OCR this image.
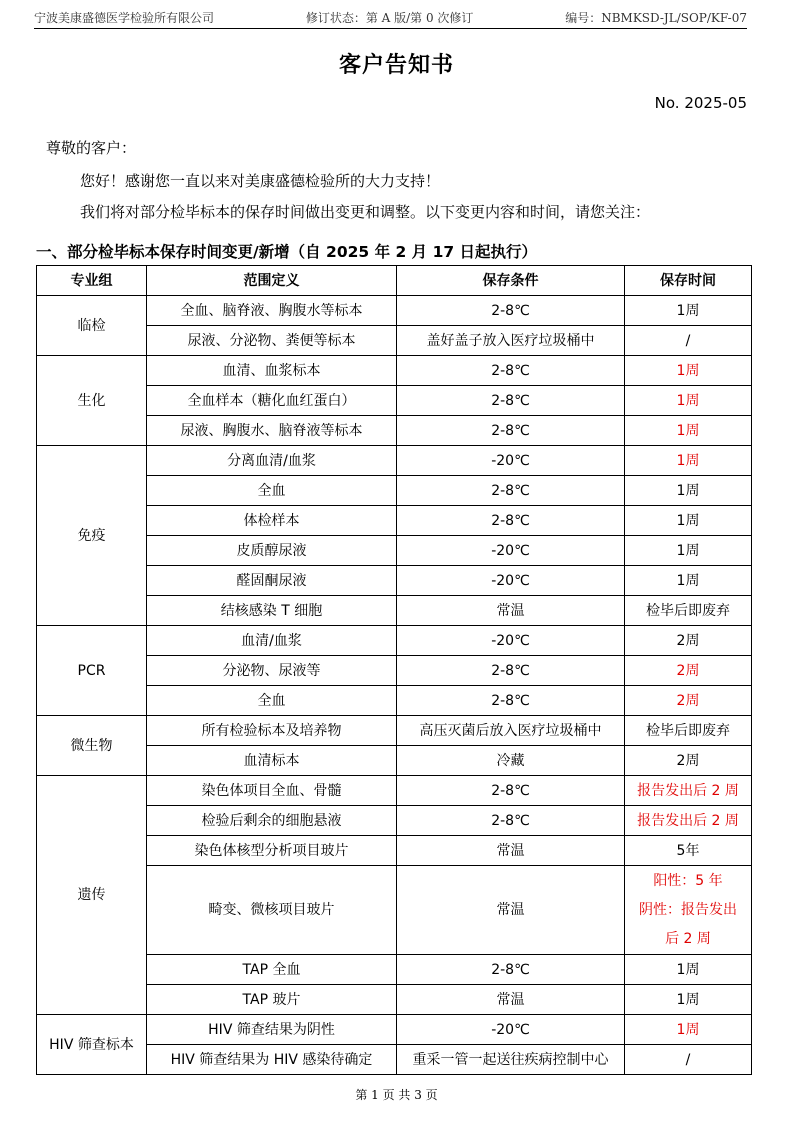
宁波美康盛德医学检验所有限公司	修订状态：第 A 版/第 0 次修订	编号：NBMKSD-JL/SOP/KF-07
客户告知书
No. 2025-05
尊敬的客户：
您好！感谢您一直以来对美康盛德检验所的大力支持！
我们将对部分检毕标本的保存时间做出变更和调整。以下变更内容和时间，请您关注：
一、部分检毕标本保存时间变更/新增（自 2025 年 2 月 17 日起执行）
专业组	范围定义	保存条件	保存时间
临检	全血、脑脊液、胸腹水等标本	2-8℃	1周
	尿液、分泌物、粪便等标本	盖好盖子放入医疗垃圾桶中	/
生化	血清、血浆标本	2-8℃	1周
	全血样本（糖化血红蛋白）	2-8℃	1周
	尿液、胸腹水、脑脊液等标本	2-8℃	1周
免疫	分离血清/血浆	-20℃	1周
	全血	2-8℃	1周
	体检样本	2-8℃	1周
	皮质醇尿液	-20℃	1周
	醛固酮尿液	-20℃	1周
	结核感染 T 细胞	常温	检毕后即废弃
PCR	血清/血浆	-20℃	2周
	分泌物、尿液等	2-8℃	2周
	全血	2-8℃	2周
微生物	所有检验标本及培养物	高压灭菌后放入医疗垃圾桶中	检毕后即废弃
	血清标本	冷藏	2周
遗传	染色体项目全血、骨髓	2-8℃	报告发出后 2 周
	检验后剩余的细胞悬液	2-8℃	报告发出后 2 周
	染色体核型分析项目玻片	常温	5年
	畸变、微核项目玻片	常温	阳性：5 年
阴性：报告发出
后 2 周

	TAP 全血	2-8℃	1周
	TAP 玻片	常温	1周
HIV 筛查标本	HIV 筛查结果为阴性	-20℃	1周
	HIV 筛查结果为 HIV 感染待确定	重采一管一起送往疾病控制中心	/
第 1 页 共 3 页
